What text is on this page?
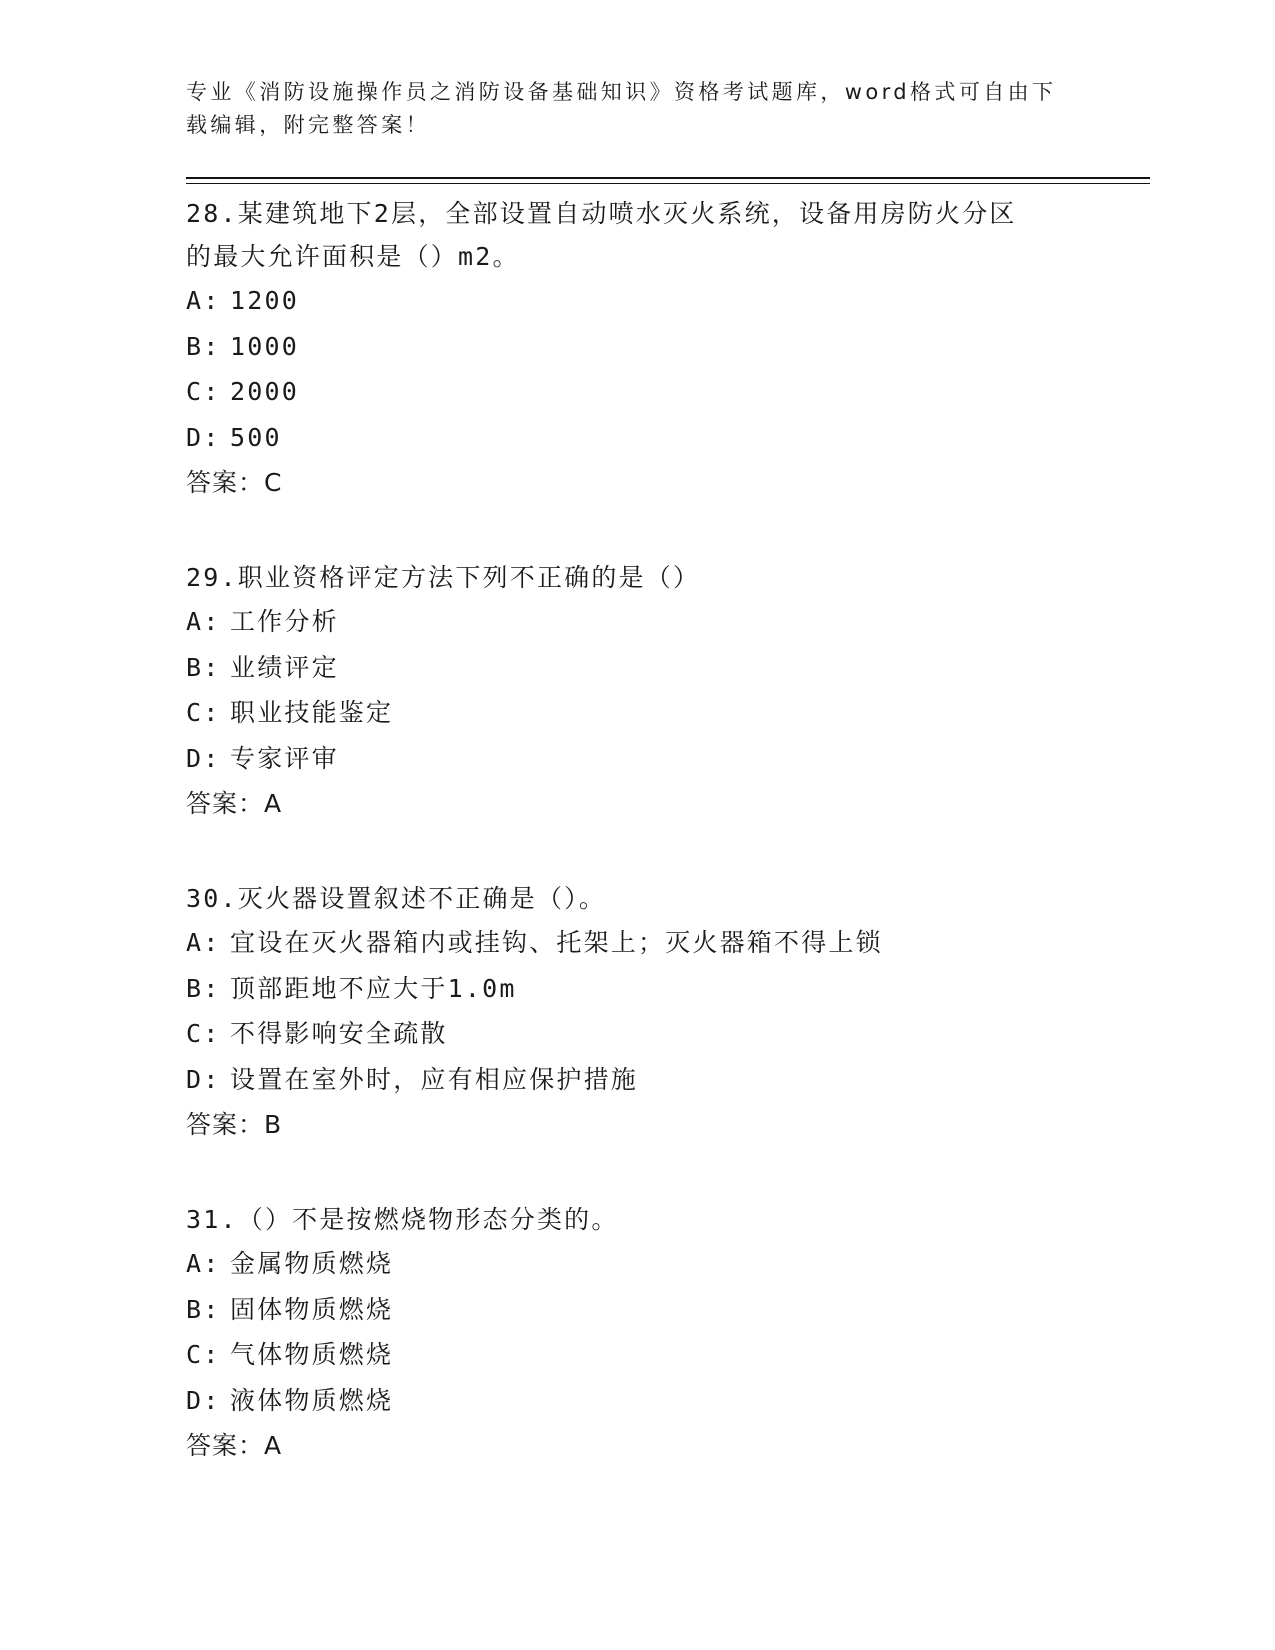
专业《消防设施操作员之消防设备基础知识》资格考试题库，word格式可自由下
载编辑，附完整答案！
28.某建筑地下2层，全部设置自动喷水灭火系统，设备用房防火分区
的最大允许面积是（）m2。
A: 1200
B: 1000
C: 2000
D: 500
答案：C
29.职业资格评定方法下列不正确的是（）
A: 工作分析
B: 业绩评定
C: 职业技能鉴定
D: 专家评审
答案：A
30.灭火器设置叙述不正确是（）。
A: 宜设在灭火器箱内或挂钩、托架上；灭火器箱不得上锁
B: 顶部距地不应大于1.0m
C: 不得影响安全疏散
D: 设置在室外时，应有相应保护措施
答案：B
31.（）不是按燃烧物形态分类的。
A: 金属物质燃烧
B: 固体物质燃烧
C: 气体物质燃烧
D: 液体物质燃烧
答案：A
